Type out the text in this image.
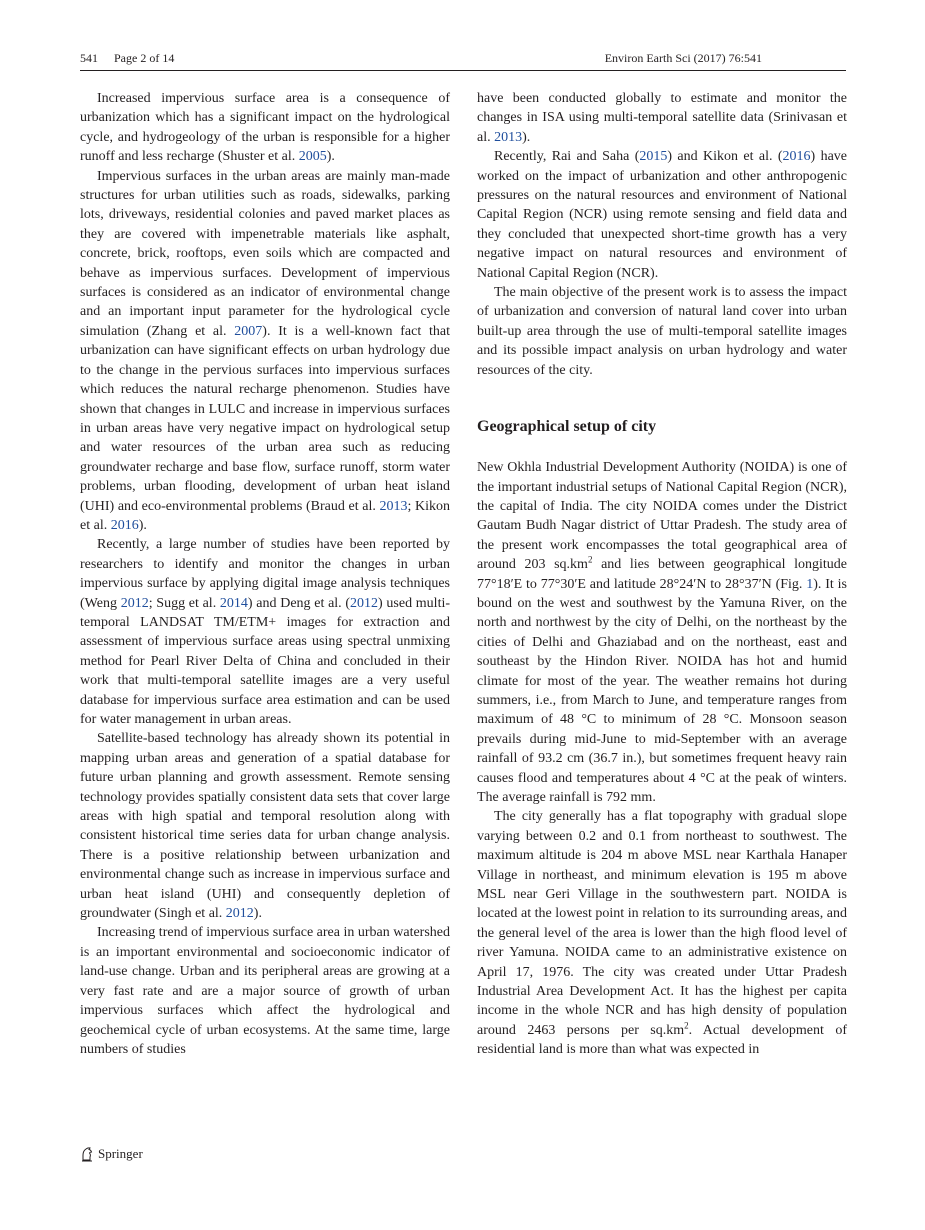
541 Page 2 of 14	Environ Earth Sci (2017) 76:541

Increased impervious surface area is a consequence of urbanization which has a significant impact on the hydrological cycle, and hydrogeology of the urban is responsible for a higher runoff and less recharge (Shuster et al. 2005).

Impervious surfaces in the urban areas are mainly man-made structures for urban utilities such as roads, sidewalks, parking lots, driveways, residential colonies and paved market places as they are covered with impenetrable materials like asphalt, concrete, brick, rooftops, even soils which are compacted and behave as impervious surfaces. Development of impervious surfaces is considered as an indicator of environmental change and an important input parameter for the hydrological cycle simulation (Zhang et al. 2007). It is a well-known fact that urbanization can have significant effects on urban hydrology due to the change in the pervious surfaces into impervious surfaces which reduces the natural recharge phenomenon. Studies have shown that changes in LULC and increase in impervious surfaces in urban areas have very negative impact on hydrological setup and water resources of the urban area such as reducing groundwater recharge and base flow, surface runoff, storm water problems, urban flooding, development of urban heat island (UHI) and eco-environmental problems (Braud et al. 2013; Kikon et al. 2016).

Recently, a large number of studies have been reported by researchers to identify and monitor the changes in urban impervious surface by applying digital image analysis techniques (Weng 2012; Sugg et al. 2014) and Deng et al. (2012) used multi-temporal LANDSAT TM/ETM+ images for extraction and assessment of impervious surface areas using spectral unmixing method for Pearl River Delta of China and concluded in their work that multi-temporal satellite images are a very useful database for impervious surface area estimation and can be used for water management in urban areas.

Satellite-based technology has already shown its potential in mapping urban areas and generation of a spatial database for future urban planning and growth assessment. Remote sensing technology provides spatially consistent data sets that cover large areas with high spatial and temporal resolution along with consistent historical time series data for urban change analysis. There is a positive relationship between urbanization and environmental change such as increase in impervious surface and urban heat island (UHI) and consequently depletion of groundwater (Singh et al. 2012).

Increasing trend of impervious surface area in urban watershed is an important environmental and socioeconomic indicator of land-use change. Urban and its peripheral areas are growing at a very fast rate and are a major source of growth of urban impervious surfaces which affect the hydrological and geochemical cycle of urban ecosystems. At the same time, large numbers of studies

have been conducted globally to estimate and monitor the changes in ISA using multi-temporal satellite data (Srinivasan et al. 2013).

Recently, Rai and Saha (2015) and Kikon et al. (2016) have worked on the impact of urbanization and other anthropogenic pressures on the natural resources and environment of National Capital Region (NCR) using remote sensing and field data and they concluded that unexpected short-time growth has a very negative impact on natural resources and environment of National Capital Region (NCR).

The main objective of the present work is to assess the impact of urbanization and conversion of natural land cover into urban built-up area through the use of multi-temporal satellite images and its possible impact analysis on urban hydrology and water resources of the city.

Geographical setup of city

New Okhla Industrial Development Authority (NOIDA) is one of the important industrial setups of National Capital Region (NCR), the capital of India. The city NOIDA comes under the District Gautam Budh Nagar district of Uttar Pradesh. The study area of the present work encompasses the total geographical area of around 203 $sq.km^2$ and lies between geographical longitude 77°18′E to 77°30′E and latitude 28°24′N to 28°37′N (Fig. 1). It is bound on the west and southwest by the Yamuna River, on the north and northwest by the city of Delhi, on the northeast by the cities of Delhi and Ghaziabad and on the northeast, east and southeast by the Hindon River. NOIDA has hot and humid climate for most of the year. The weather remains hot during summers, i.e., from March to June, and temperature ranges from maximum of 48 °C to minimum of 28 °C. Monsoon season prevails during mid-June to mid-September with an average rainfall of 93.2 cm (36.7 in.), but sometimes frequent heavy rain causes flood and temperatures about 4 °C at the peak of winters. The average rainfall is 792 mm.

The city generally has a flat topography with gradual slope varying between 0.2 and 0.1 from northeast to southwest. The maximum altitude is 204 m above MSL near Karthala Hanaper Village in northeast, and minimum elevation is 195 m above MSL near Geri Village in the southwestern part. NOIDA is located at the lowest point in relation to its surrounding areas, and the general level of the area is lower than the high flood level of river Yamuna. NOIDA came to an administrative existence on April 17, 1976. The city was created under Uttar Pradesh Industrial Area Development Act. It has the highest per capita income in the whole NCR and has high density of population around 2463 persons per $sq.km^2$. Actual development of residential land is more than what was expected in

Springer
